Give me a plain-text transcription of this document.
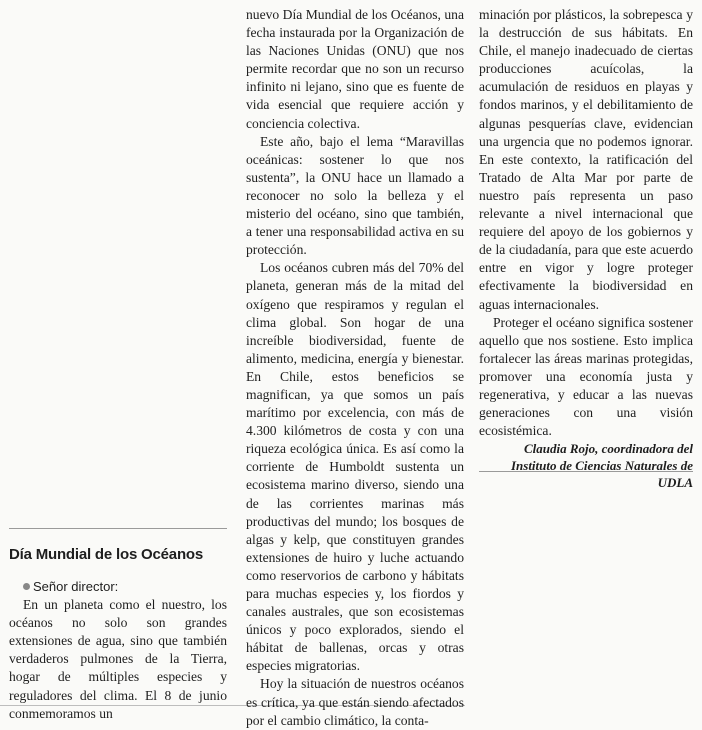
Día Mundial de los Océanos

Señor director:

En un planeta como el nuestro, los océanos no solo son grandes extensiones de agua, sino que también verdaderos pulmones de la Tierra, hogar de múltiples especies y reguladores del clima. El 8 de junio conmemoramos un

nuevo Día Mundial de los Océanos, una fecha instaurada por la Organización de las Naciones Unidas (ONU) que nos permite recordar que no son un recurso infinito ni lejano, sino que es fuente de vida esencial que requiere acción y conciencia colectiva.

Este año, bajo el lema “Maravillas oceánicas: sostener lo que nos sustenta”, la ONU hace un llamado a reconocer no solo la belleza y el misterio del océano, sino que también, a tener una responsabilidad activa en su protección.

Los océanos cubren más del 70% del planeta, generan más de la mitad del oxígeno que respiramos y regulan el clima global. Son hogar de una increíble biodiversidad, fuente de alimento, medicina, energía y bienestar. En Chile, estos beneficios se magnifican, ya que somos un país marítimo por excelencia, con más de 4.300 kilómetros de costa y con una riqueza ecológica única. Es así como la corriente de Humboldt sustenta un ecosistema marino diverso, siendo una de las corrientes marinas más productivas del mundo; los bosques de algas y kelp, que constituyen grandes extensiones de huiro y luche actuando como reservorios de carbono y hábitats para muchas especies y, los fiordos y canales australes, que son ecosistemas únicos y poco explorados, siendo el hábitat de ballenas, orcas y otras especies migratorias.

Hoy la situación de nuestros océanos es crítica, ya que están siendo afectados por el cambio climático, la conta-

minación por plásticos, la sobrepesca y la destrucción de sus hábitats. En Chile, el manejo inadecuado de ciertas producciones acuícolas, la acumulación de residuos en playas y fondos marinos, y el debilitamiento de algunas pesquerías clave, evidencian una urgencia que no podemos ignorar. En este contexto, la ratificación del Tratado de Alta Mar por parte de nuestro país representa un paso relevante a nivel internacional que requiere del apoyo de los gobiernos y de la ciudadanía, para que este acuerdo entre en vigor y logre proteger efectivamente la biodiversidad en aguas internacionales.

Proteger el océano significa sostener aquello que nos sostiene. Esto implica fortalecer las áreas marinas protegidas, promover una economía justa y regenerativa, y educar a las nuevas generaciones con una visión ecosistémica.

Claudia Rojo, coordinadora del Instituto de Ciencias Naturales de UDLA
